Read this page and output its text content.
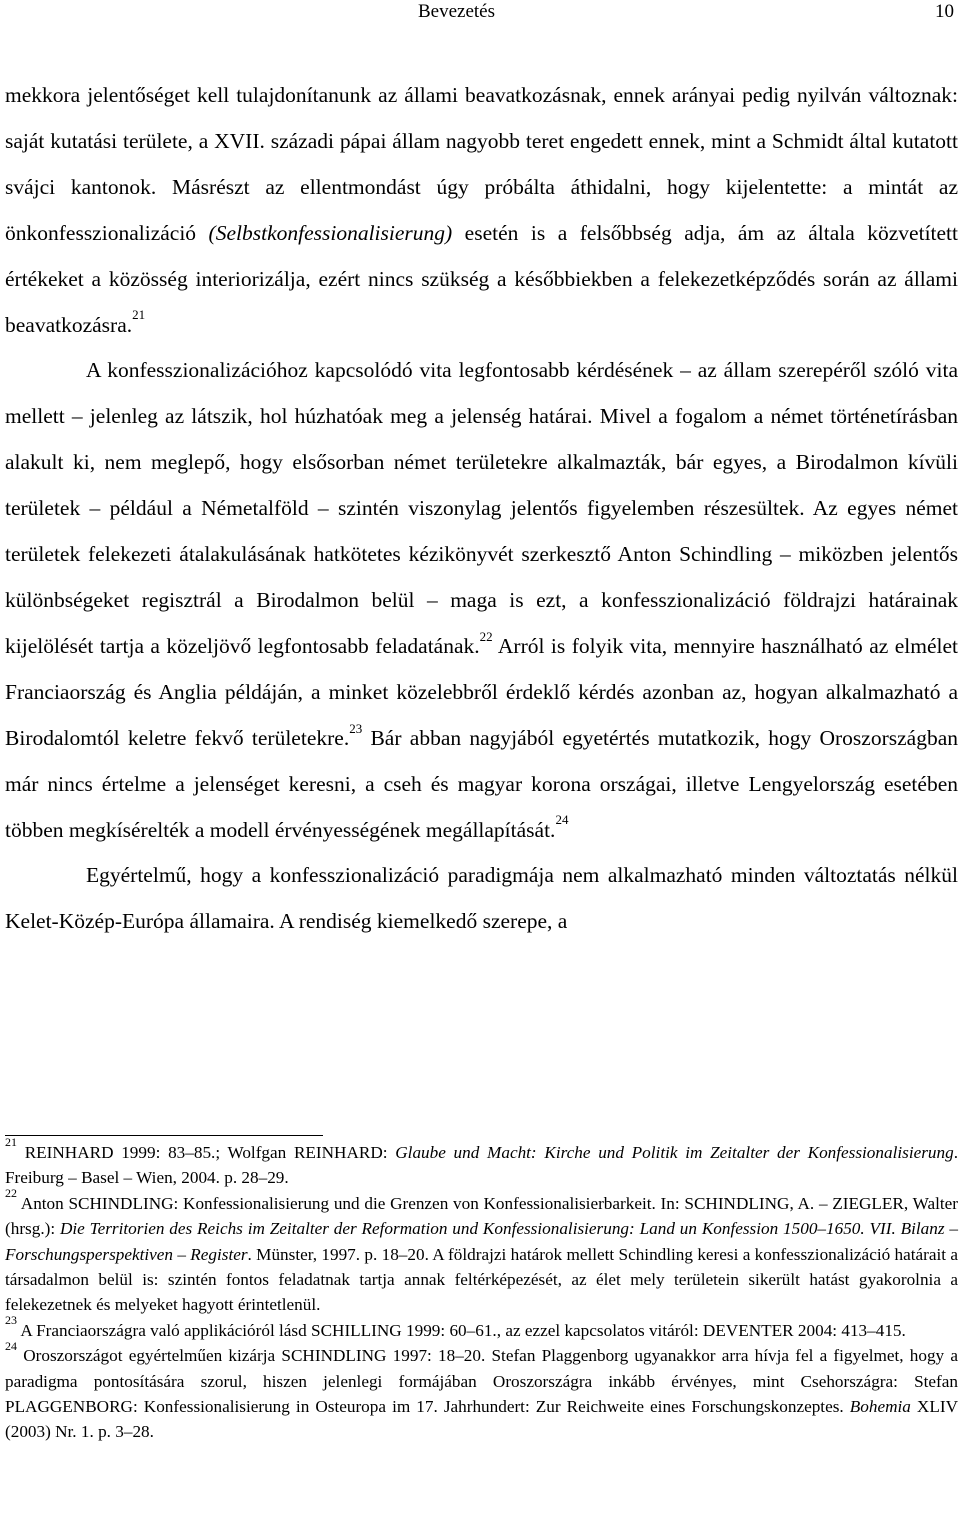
Bevezetés	10

mekkora jelentőséget kell tulajdonítanunk az állami beavatkozásnak, ennek arányai pedig nyilván változnak: saját kutatási területe, a XVII. századi pápai állam nagyobb teret engedett ennek, mint a Schmidt által kutatott svájci kantonok. Másrészt az ellentmondást úgy próbálta áthidalni, hogy kijelentette: a mintát az önkonfesszionalizáció (Selbstkonfessionalisierung) esetén is a felsőbbség adja, ám az általa közvetített értékeket a közösség interiorizálja, ezért nincs szükség a későbbiekben a felekezetképződés során az állami beavatkozásra.$^{21}$

A konfesszionalizációhoz kapcsolódó vita legfontosabb kérdésének – az állam szerepéről szóló vita mellett – jelenleg az látszik, hol húzhatóak meg a jelenség határai. Mivel a fogalom a német történetírásban alakult ki, nem meglepő, hogy elsősorban német területekre alkalmazták, bár egyes, a Birodalmon kívüli területek – például a Németalföld – szintén viszonylag jelentős figyelemben részesültek. Az egyes német területek felekezeti átalakulásának hatkötetes kézikönyvét szerkesztő Anton Schindling – miközben jelentős különbségeket regisztrál a Birodalmon belül – maga is ezt, a konfesszionalizáció földrajzi határainak kijelölését tartja a közeljövő legfontosabb feladatának.$^{22}$ Arról is folyik vita, mennyire használható az elmélet Franciaország és Anglia példáján, a minket közelebbről érdeklő kérdés azonban az, hogyan alkalmazható a Birodalomtól keletre fekvő területekre.$^{23}$ Bár abban nagyjából egyetértés mutatkozik, hogy Oroszországban már nincs értelme a jelenséget keresni, a cseh és magyar korona országai, illetve Lengyelország esetében többen megkísérelték a modell érvényességének megállapítását.$^{24}$

Egyértelmű, hogy a konfesszionalizáció paradigmája nem alkalmazható minden változtatás nélkül Kelet-Közép-Európa államaira. A rendiség kiemelkedő szerepe, a

$^{21}$ REINHARD 1999: 83–85.; Wolfgan REINHARD: Glaube und Macht: Kirche und Politik im Zeitalter der Konfessionalisierung. Freiburg – Basel – Wien, 2004. p. 28–29.

$^{22}$ Anton SCHINDLING: Konfessionalisierung und die Grenzen von Konfessionalisierbarkeit. In: SCHINDLING, A. – ZIEGLER, Walter (hrsg.): Die Territorien des Reichs im Zeitalter der Reformation und Konfessionalisierung: Land un Konfession 1500–1650. VII. Bilanz – Forschungsperspektiven – Register. Münster, 1997. p. 18–20. A földrajzi határok mellett Schindling keresi a konfesszionalizáció határait a társadalmon belül is: szintén fontos feladatnak tartja annak feltérképezését, az élet mely területein sikerült hatást gyakorolnia a felekezetnek és melyeket hagyott érintetlenül.

$^{23}$ A Franciaországra való applikációról lásd SCHILLING 1999: 60–61., az ezzel kapcsolatos vitáról: DEVENTER 2004: 413–415.

$^{24}$ Oroszországot egyértelműen kizárja SCHINDLING 1997: 18–20. Stefan Plaggenborg ugyanakkor arra hívja fel a figyelmet, hogy a paradigma pontosítására szorul, hiszen jelenlegi formájában Oroszországra inkább érvényes, mint Csehországra: Stefan PLAGGENBORG: Konfessionalisierung in Osteuropa im 17. Jahrhundert: Zur Reichweite eines Forschungskonzeptes. Bohemia XLIV (2003) Nr. 1. p. 3–28.
